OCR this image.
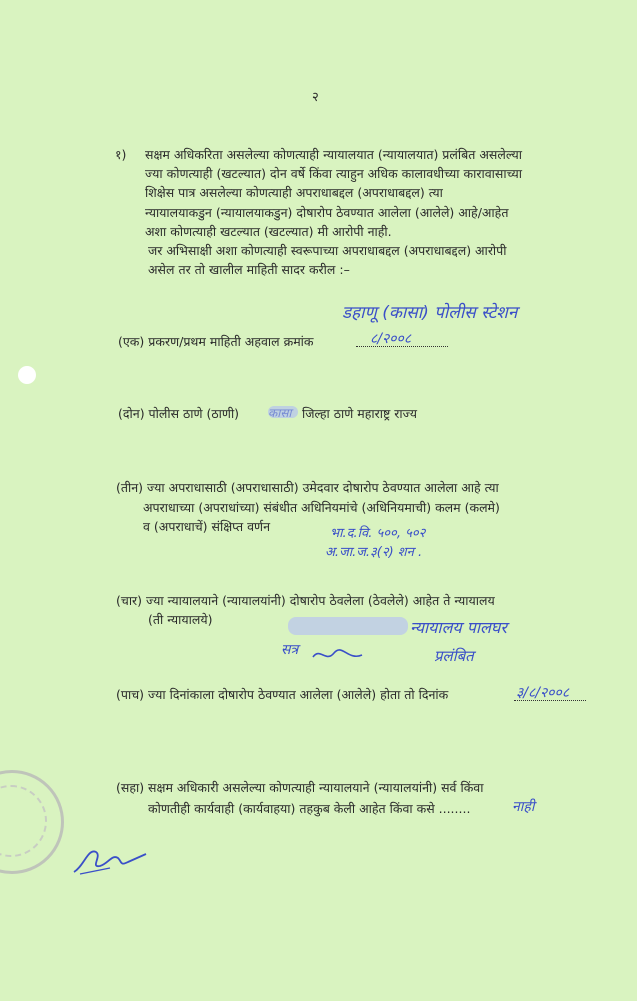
२
१) सक्षम अधिकरिता असलेल्या कोणत्याही न्यायालयात (न्यायालयात) प्रलंबित असलेल्या
ज्या कोणत्याही (खटल्यात) दोन वर्षे किंवा त्याहुन अधिक कालावधीच्या कारावासाच्या
शिक्षेस पात्र असलेल्या कोणत्याही अपराधाबद्दल (अपराधाबद्दल) त्या
न्यायालयाकडुन (न्यायालयाकडुन) दोषारोप ठेवण्यात आलेला (आलेले) आहे/आहेत
अशा कोणत्याही खटल्यात (खटल्यात) मी आरोपी नाही.
जर अभिसाक्षी अशा कोणत्याही स्वरूपाच्या अपराधाबद्दल (अपराधाबद्दल) आरोपी
असेल तर तो खालील माहिती सादर करील :–
डहाणू (कासा) पोलीस स्टेशन
(एक) प्रकरण/प्रथम माहिती अहवाल क्रमांक	८/२००८
(दोन) पोलीस ठाणे (ठाणी) कासा जिल्हा ठाणे महाराष्ट्र राज्य
(तीन) ज्या अपराधासाठी (अपराधासाठी) उमेदवार दोषारोप ठेवण्यात आलेला आहे त्या
अपराधाच्या (अपराधांच्या) संबंधीत अधिनियमांचे (अधिनियमाची) कलम (कलमे)
व (अपराधाचें) संक्षिप्त वर्णन	भा.द.वि. ५००, ५०२
अ.जा.ज.३(२) शन .
(चार) ज्या न्यायालयाने (न्यायालयांनी) दोषारोप ठेवलेला (ठेवलेले) आहेत ते न्यायालय
(ती न्यायालये)	न्यायालय पालघर
सत्र	प्रलंबित
(पाच) ज्या दिनांकाला दोषारोप ठेवण्यात आलेला (आलेले) होता तो दिनांक	३/८/२००८
(सहा) सक्षम अधिकारी असलेल्या कोणत्याही न्यायालयाने (न्यायालयांनी) सर्व किंवा
कोणतीही कार्यवाही (कार्यवाहया) तहकुब केली आहेत किंवा कसे ........	नाही
